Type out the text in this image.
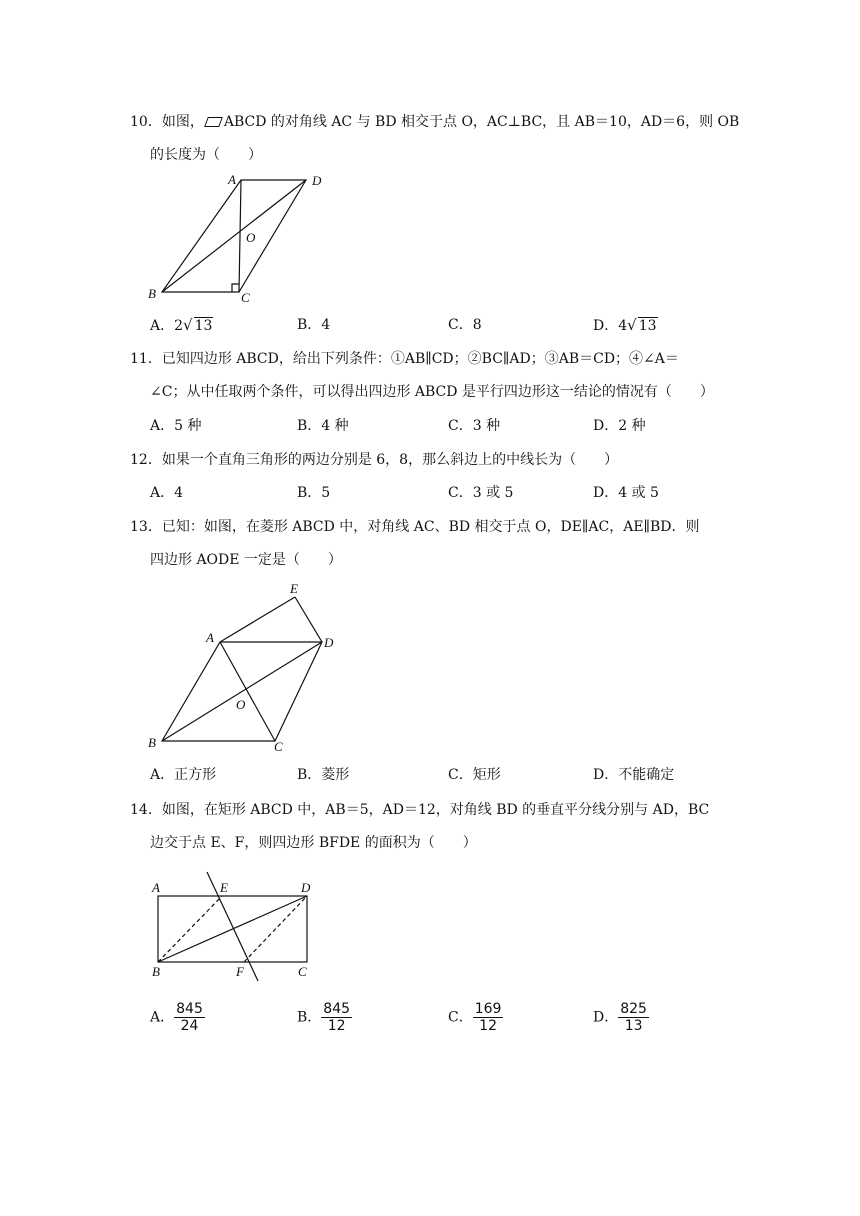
10．如图， ABCD 的对角线 AC 与 BD 相交于点 O，AC⊥BC，且 AB＝10，AD＝6，则 OB
的长度为（　　）
A	D
O
B	C
A．2√ 13	B．4	C．8	D．4√ 13
11．已知四边形 ABCD，给出下列条件：①AB∥CD；②BC∥AD；③AB＝CD；④∠A＝
∠C；从中任取两个条件，可以得出四边形 ABCD 是平行四边形这一结论的情况有（　　）
A．5 种	B．4 种	C．3 种	D．2 种
12．如果一个直角三角形的两边分别是 6，8，那么斜边上的中线长为（　　）
A．4	B．5	C．3 或 5	D．4 或 5
13．已知：如图，在菱形 ABCD 中，对角线 AC、BD 相交于点 O，DE∥AC，AE∥BD．则
四边形 AODE 一定是（　　）
E
A	D
O
B	C
A．正方形	B．菱形	C．矩形	D．不能确定
14．如图，在矩形 ABCD 中，AB＝5，AD＝12，对角线 BD 的垂直平分线分别与 AD，BC
边交于点 E、F，则四边形 BFDE 的面积为（　　）
A	E	D
B	F	C
A． $\frac{845}{24}$	B． $\frac{845}{12}$	C． $\frac{169}{12}$	D． $\frac{825}{13}$
